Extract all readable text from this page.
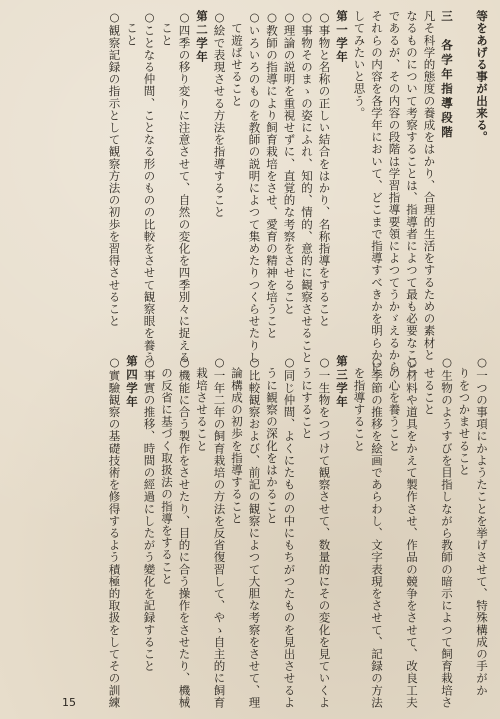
等をあげる事が出来る。

三　各学年指導段階
凡そ科学的態度の養成をはかり、合理的生活をするための素材と
なるものについて考察することは、指導者によつて最も必要なこと
であるが、その内容の段階は学習指導要領によつてうかゞえるから
それらの内容を各学年において、どこまで指導すべきかを明らかに
してみたいと思う。
第一学年
○事物と名称の正しい結合をはかり、名称指導をすること
○事物そのまゝの姿にふれ、知的、情的、意的に観察させること
○理論の説明を重視せずに、直覚的な考察をさせること
○教師の指導により飼育栽培をさせ、愛育の精神を培うこと
○いろいろのものを教師の説明によつて集めたりつくらせたりし
　て遊ばせること
○絵で表現させる方法を指導すること
第二学年
○四季の移り変りに注意させて、自然の変化を四季別々に捉える
　こと
○ことなる仲間、ことなる形のものの比較をさせて観察眼を養う
　こと
○観察記録の指示として観察方法の初歩を習得させること
○一つの事項にかようたことを挙げさせて、特殊構成の手がか
　りをつかませること
○生物のようすびを目指しながら教師の暗示によつて飼育栽培さ
　せること
○材料や道具をかえて製作させ、作品の競争をさせて、改良工夫
　の心を養うこと
○季節の推移を絵画であらわし、文字表現をさせて、記録の方法
　を指導すること
第三学年
○一生物をつづけて観察させて、数量的にその変化を見ていくよ
　うにすること
○同じ仲間、よくにたものの中にもちがつたものを見出させるよ
　うに観察の深化をはかること
○比較観察および、前記の観察によつて大胆な考察をさせて、理
　論構成の初歩を指導すること
○一年二年の飼育栽培の方法を反省復習して、やゝ自主的に飼育
　栽培させること
○機能に合う製作をさせたり、目的に合う操作をさせたり、機械
　の反省に基づく取扱法の指導をすること
○事實の推移、時間の經過にしたがう變化を記録すること
第四学年
○實驗観察の基礎技術を修得するよう積極的取扱をしてその訓練
15
